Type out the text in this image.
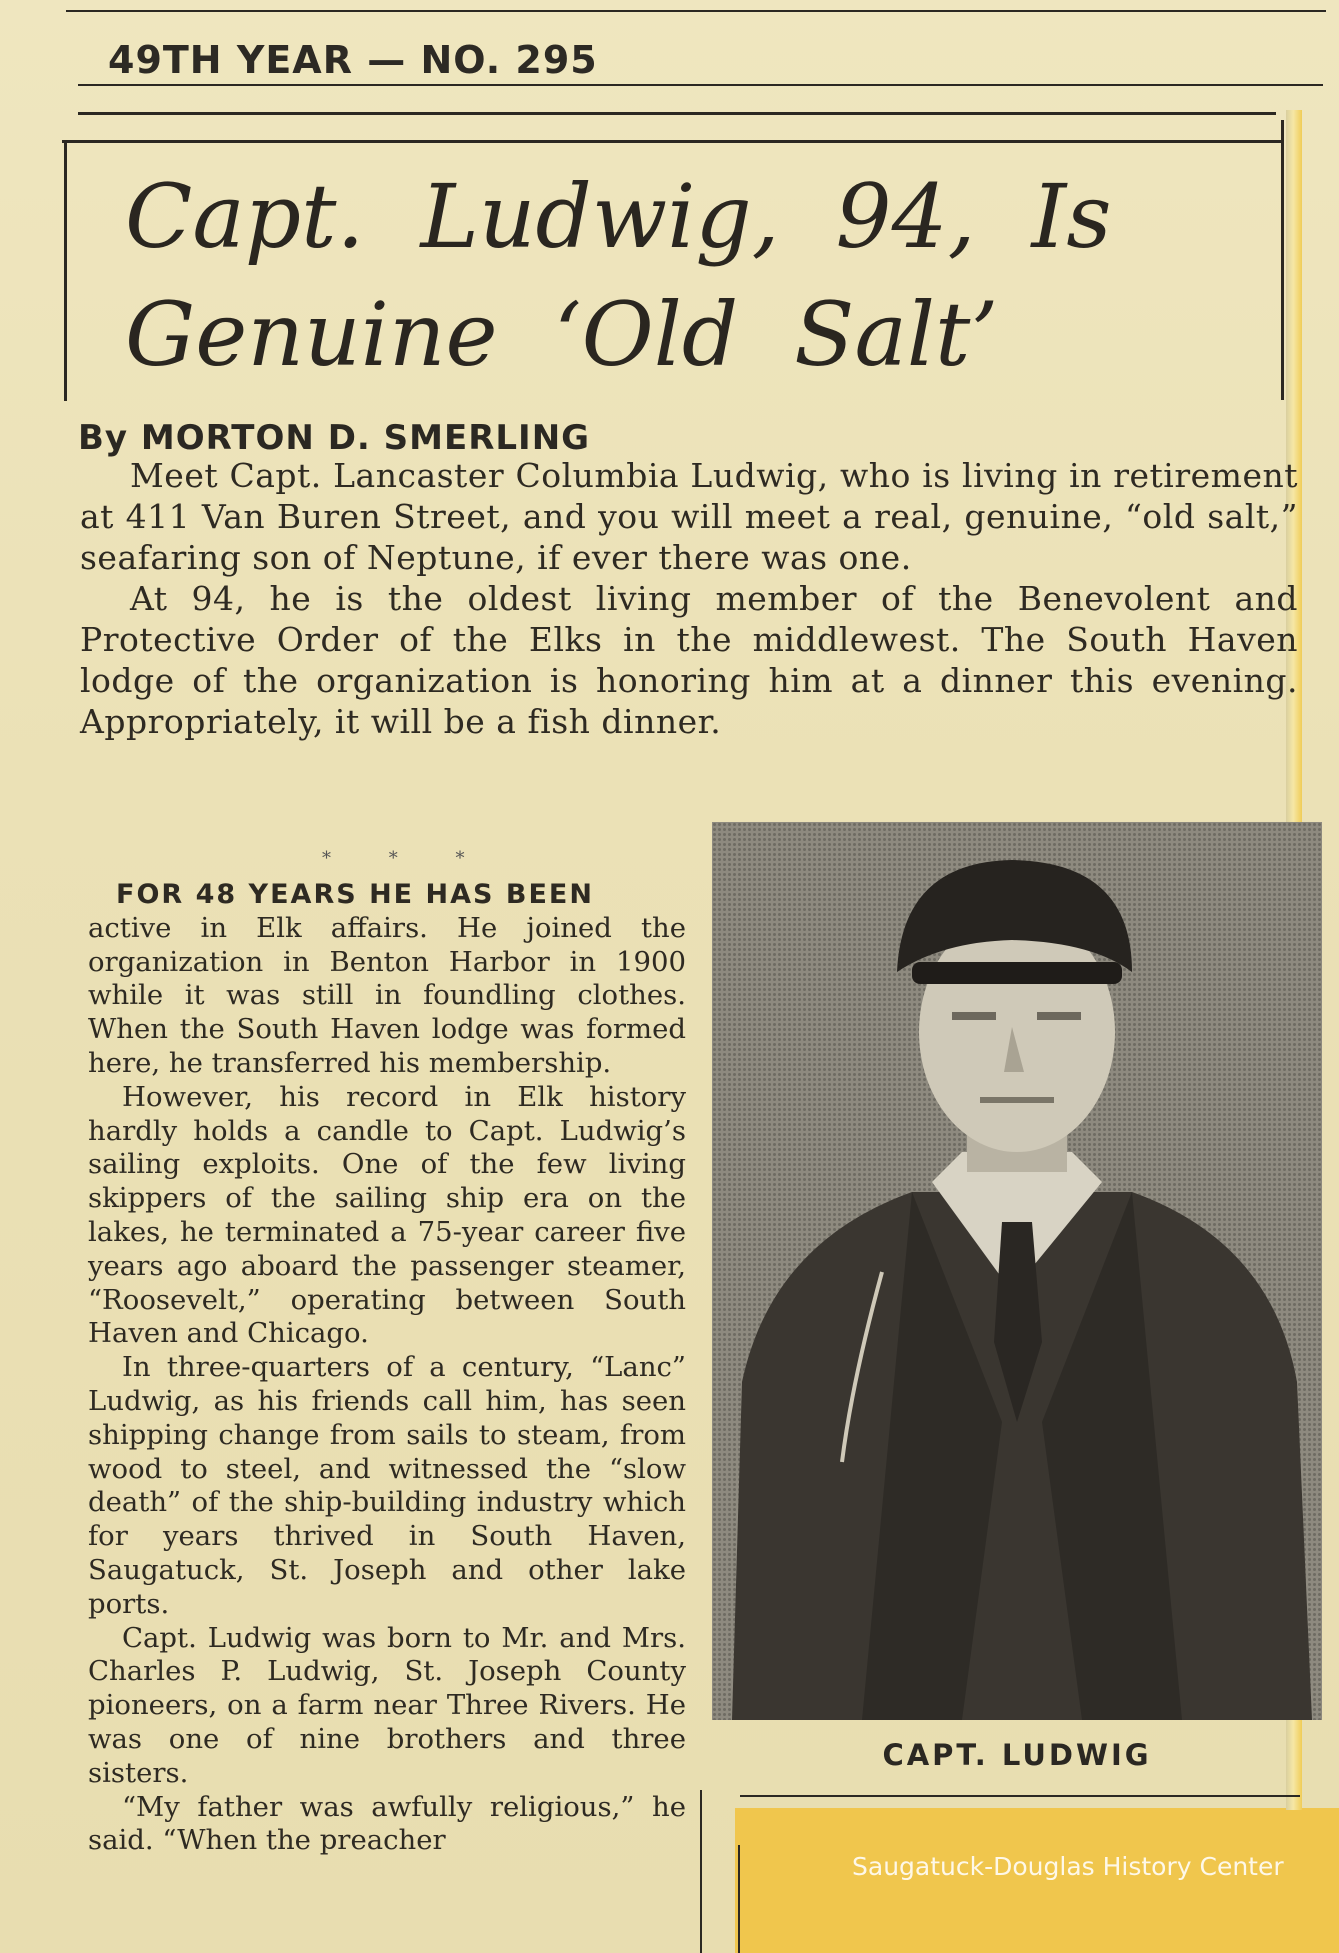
49TH YEAR — NO. 295
Capt. Ludwig, 94, Is
Genuine ‘Old Salt’
By MORTON D. SMERLING

Meet Capt. Lancaster Columbia Ludwig, who is living in retirement at 411 Van Buren Street, and you will meet a real, genuine, “old salt,” seafaring son of Neptune, if ever there was one.

At 94, he is the oldest living member of the Benevolent and Protective Order of the Elks in the middlewest. The South Haven lodge of the organization is honoring him at a dinner this evening. Appropriately, it will be a fish dinner.

* * *

FOR 48 YEARS HE HAS BEEN

active in Elk affairs. He joined the organization in Benton Harbor in 1900 while it was still in foundling clothes. When the South Haven lodge was formed here, he transferred his membership.

However, his record in Elk history hardly holds a candle to Capt. Ludwig’s sailing exploits. One of the few living skippers of the sailing ship era on the lakes, he terminated a 75-year career five years ago aboard the passenger steamer, “Roosevelt,” operating between South Haven and Chicago.

In three-quarters of a century, “Lanc” Ludwig, as his friends call him, has seen shipping change from sails to steam, from wood to steel, and witnessed the “slow death” of the ship-building industry which for years thrived in South Haven, Saugatuck, St. Joseph and other lake ports.

Capt. Ludwig was born to Mr. and Mrs. Charles P. Ludwig, St. Joseph County pioneers, on a farm near Three Rivers. He was one of nine brothers and three sisters.

“My father was awfully religious,” he said. “When the preacher

CAPT. LUDWIG
Saugatuck-Douglas History Center
